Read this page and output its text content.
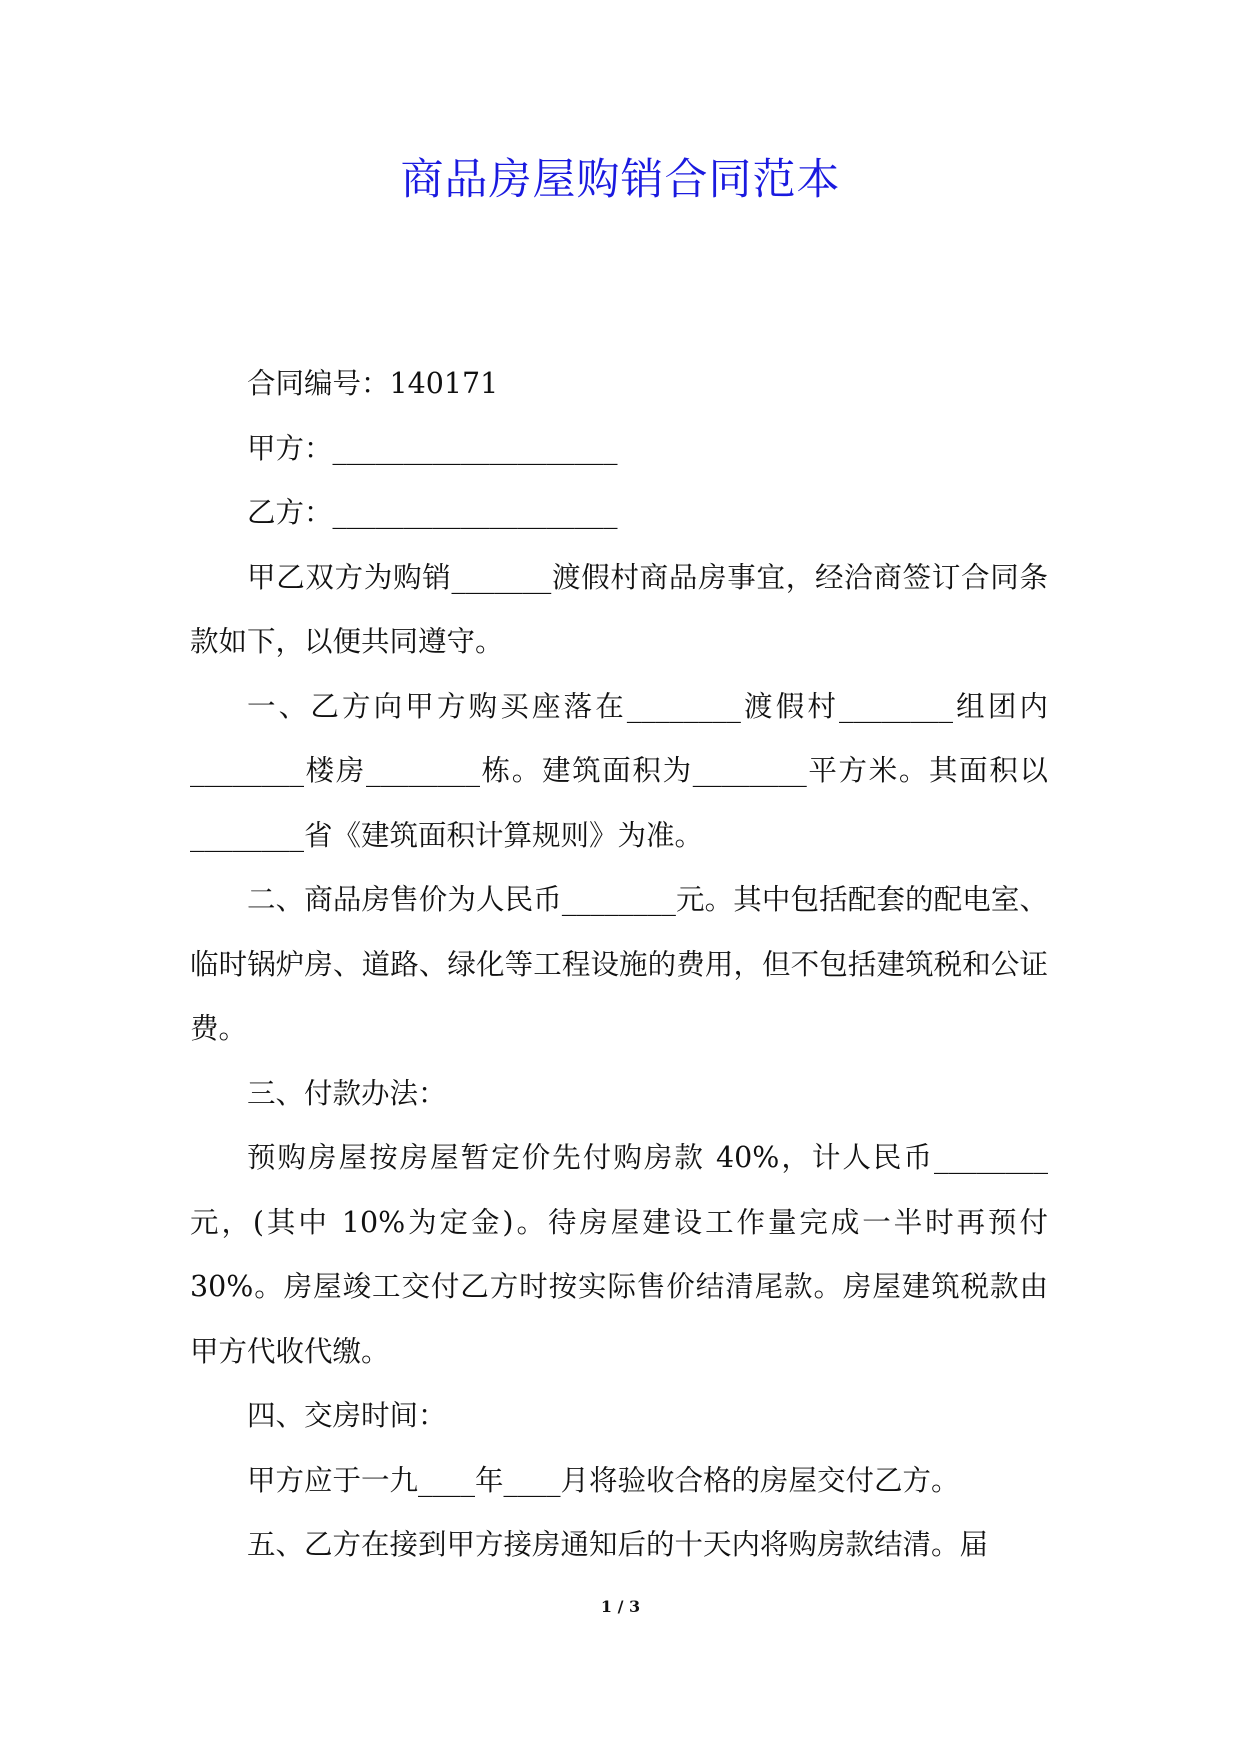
商品房屋购销合同范本

合同编号：140171

甲方：____________________

乙方：____________________

甲乙双方为购销_______渡假村商品房事宜，经洽商签订合同条款如下，以便共同遵守。

一、乙方向甲方购买座落在________渡假村________组团内________楼房________栋。建筑面积为________平方米。其面积以________省《建筑面积计算规则》为准。

二、商品房售价为人民币________元。其中包括配套的配电室、临时锅炉房、道路、绿化等工程设施的费用，但不包括建筑税和公证费。

三、付款办法：

预购房屋按房屋暂定价先付购房款 40%，计人民币________元，(其中 10%为定金)。待房屋建设工作量完成一半时再预付 30%。房屋竣工交付乙方时按实际售价结清尾款。房屋建筑税款由甲方代收代缴。

四、交房时间：

甲方应于一九____年____月将验收合格的房屋交付乙方。

五、乙方在接到甲方接房通知后的十天内将购房款结清。届

1 / 3
